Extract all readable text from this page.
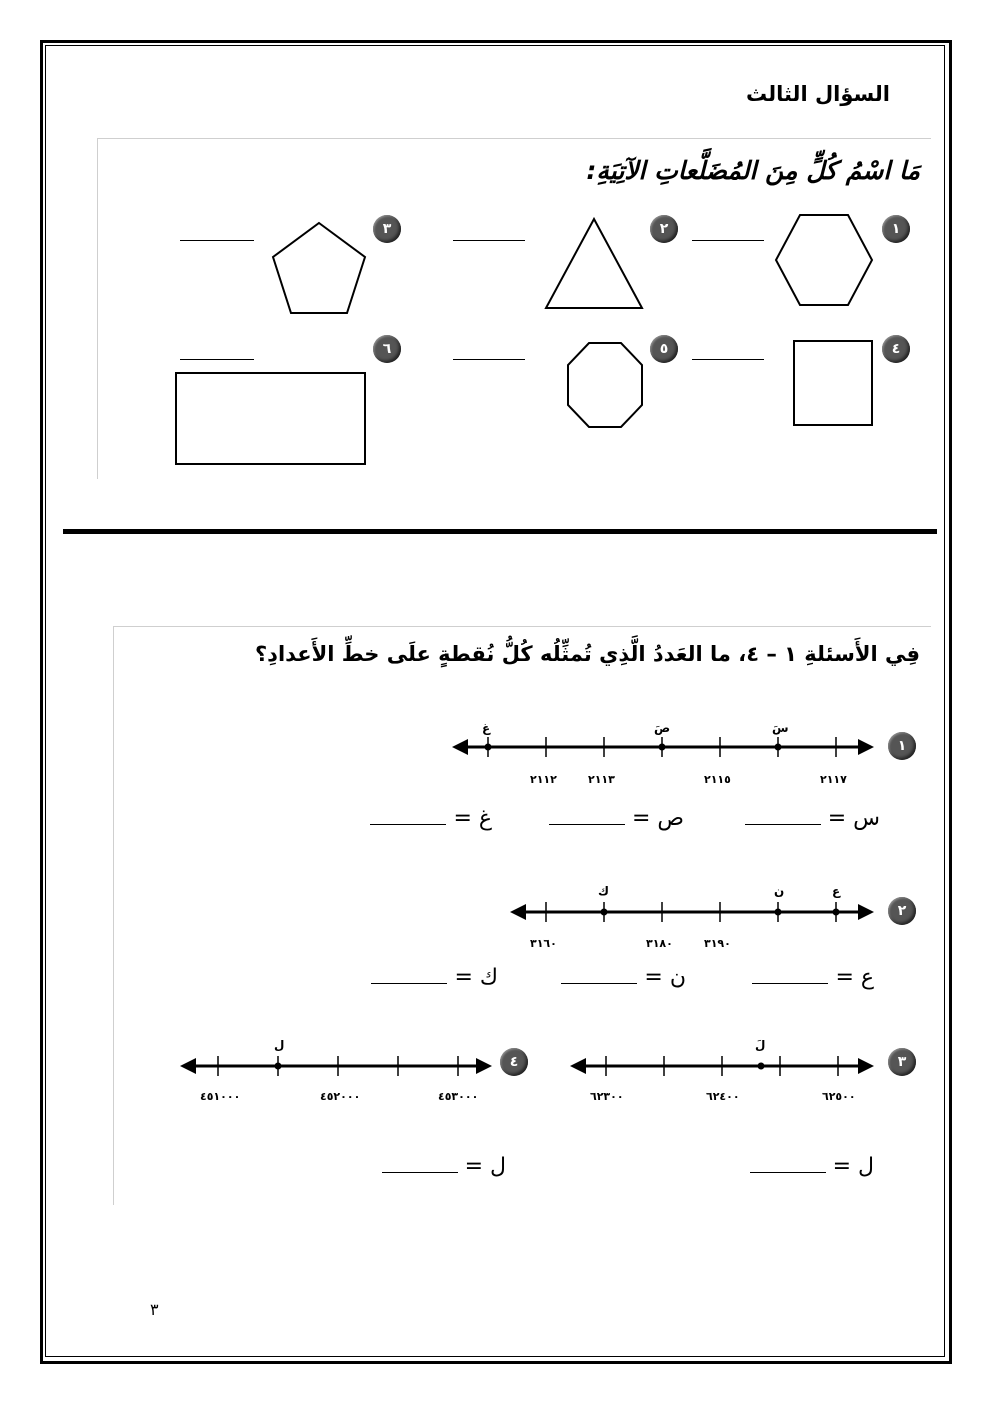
السؤال الثالث
مَا اسْمُ كُلٍّ مِنَ المُضَلَّعاتِ الآتِيَةِ:
١
٢
٣
٤
٥
٦
فِي الأَسئلةِ ١ – ٤، ما العَددُ الَّذِي تُمثِّلُه كُلُّ نُقطةٍ علَى خطِّ الأَعدادِ؟
١
غ	صَ	سَ
٢١١٢	٢١١٣	٢١١٥	٢١١٧
س =
ص =
غ =
٢
ك	ن	ع
٣١٦٠	٣١٨٠	٣١٩٠
ع =
ن =
ك =
٣
لَ
٦٢٣٠٠	٦٢٤٠٠	٦٢٥٠٠
٤
ل
٤٥١٠٠٠	٤٥٢٠٠٠	٤٥٣٠٠٠
ل =
ل =
٣
